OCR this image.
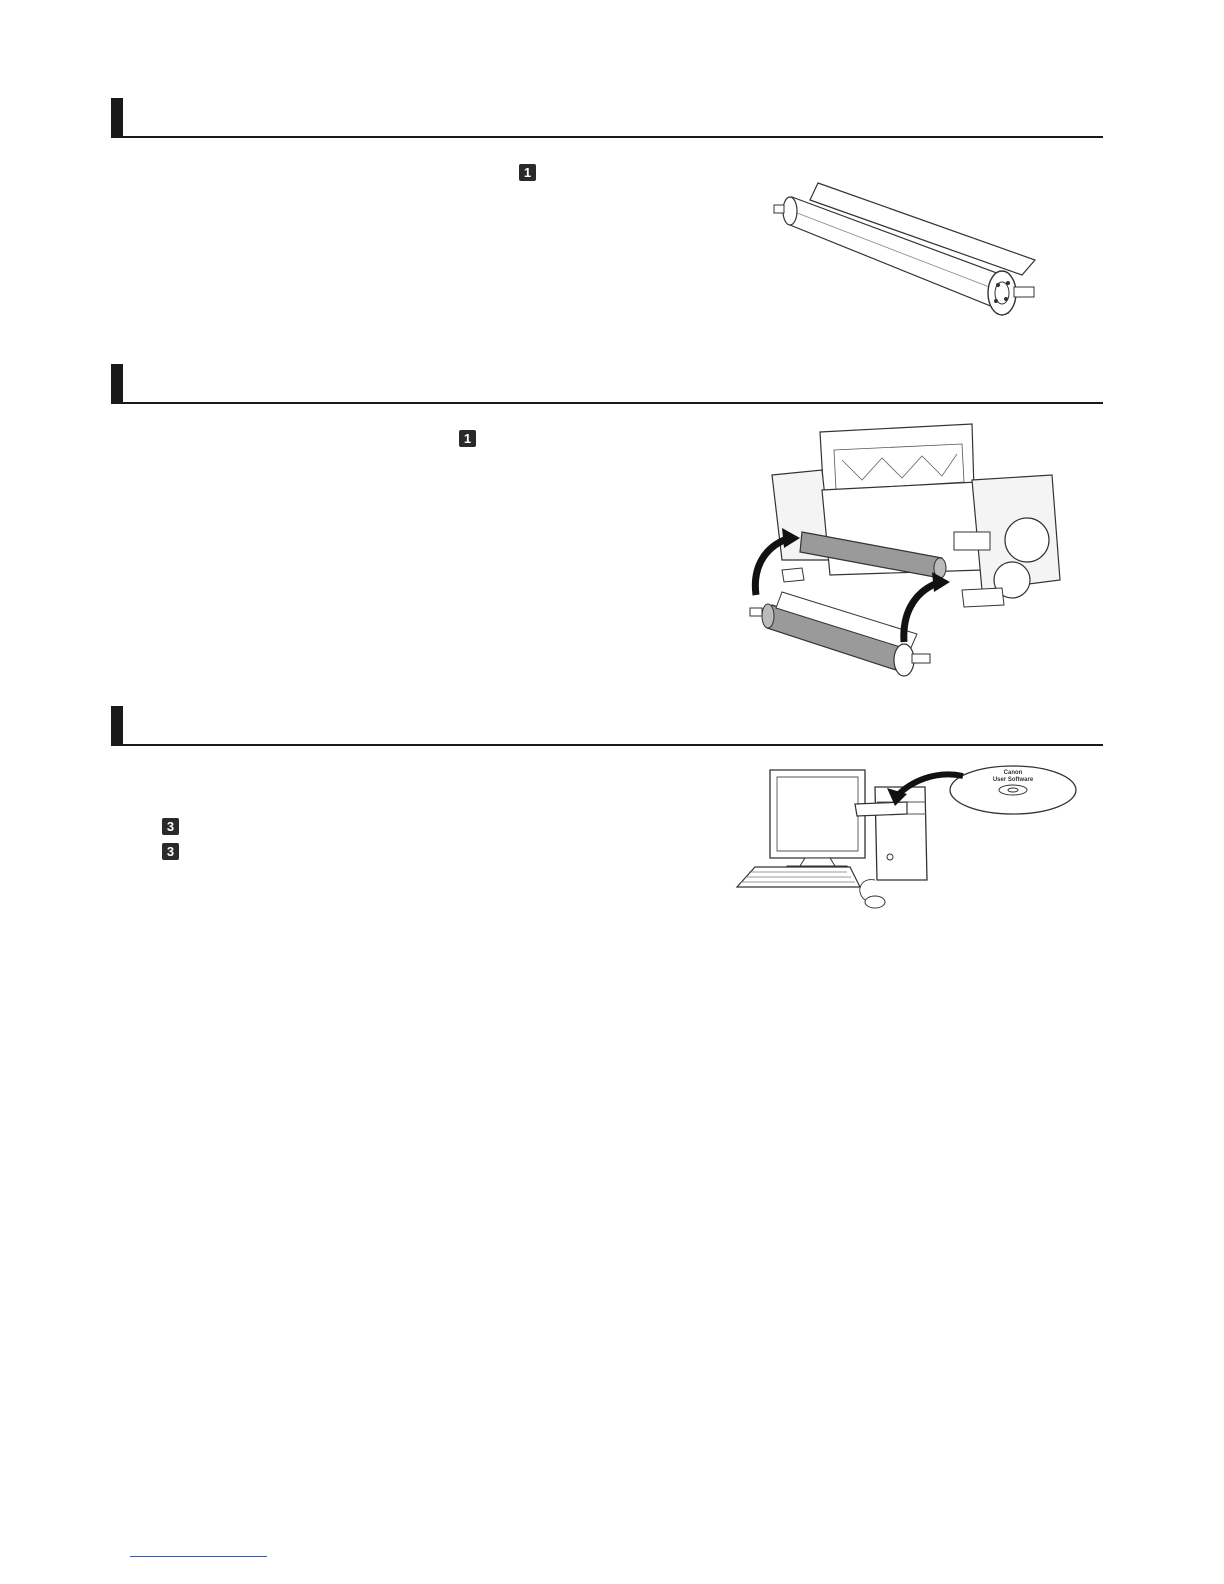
1
1
3
3
Canon
User Software
